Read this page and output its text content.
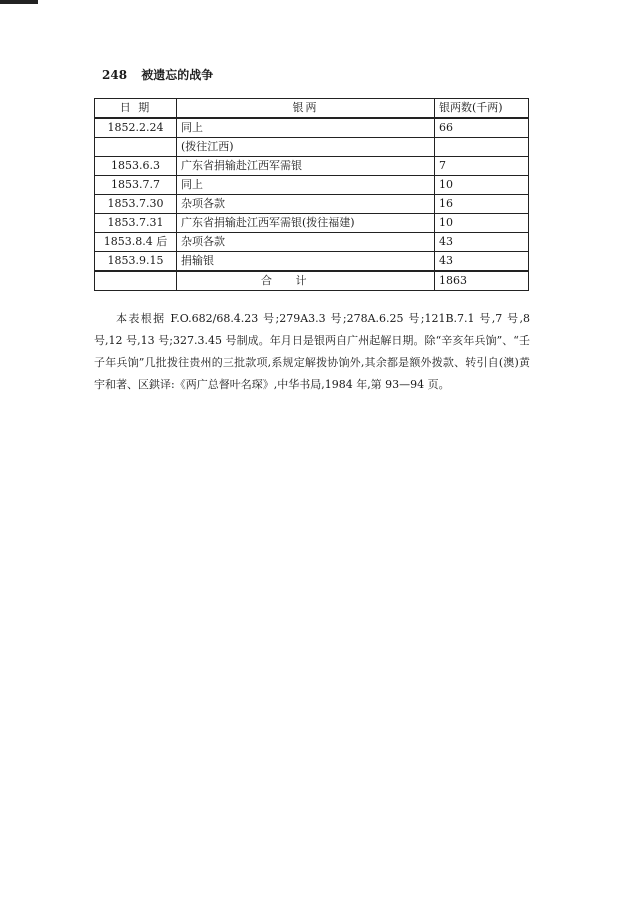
248 被遗忘的战争
日 期	银两	银两数(千两)
1852.2.24	同上	66
	(拨往江西)	
1853.6.3	广东省捐输赴江西军需银	7
1853.7.7	同上	10
1853.7.30	杂项各款	16
1853.7.31	广东省捐输赴江西军需银(拨往福建)	10
1853.8.4 后	杂项各款	43
1853.9.15	捐输银	43
	合 计	1863

本表根据 F.O.682/68.4.23 号;279A3.3 号;278A.6.25 号;121B.7.1 号,7 号,8 号,12 号,13 号;327.3.45 号制成。年月日是银两自广州起解日期。除“辛亥年兵饷”、“壬子年兵饷”几批拨往贵州的三批款项,系规定解拨协饷外,其余都是额外拨款、转引自(澳)黄宇和著、区鉷译:《两广总督叶名琛》,中华书局,1984 年,第 93—94 页。
